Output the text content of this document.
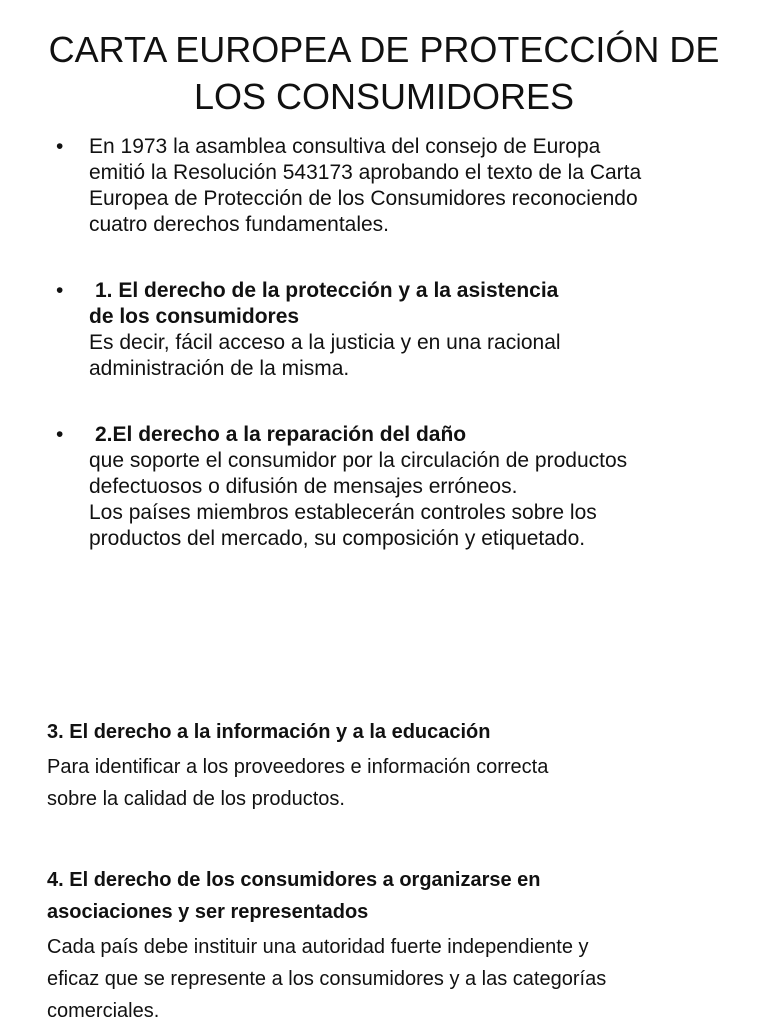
CARTA EUROPEA DE PROTECCIÓN DE
LOS CONSUMIDORES
• En 1973 la asamblea consultiva del consejo de Europa
emitió la Resolución 543173 aprobando el texto de la Carta
Europea de Protección de los Consumidores reconociendo
cuatro derechos fundamentales.
• 1. El derecho de la protección y a la asistencia
de los consumidores
Es decir, fácil acceso a la justicia y en una racional
administración de la misma.
• 2.El derecho a la reparación del daño
que soporte el consumidor por la circulación de productos
defectuosos o difusión de mensajes erróneos.
Los países miembros establecerán controles sobre los
productos del mercado, su composición y etiquetado.

3. El derecho a la información y a la educación

Para identificar a los proveedores e información correcta
sobre la calidad de los productos.

4. El derecho de los consumidores a organizarse en
asociaciones y ser representados

Cada país debe instituir una autoridad fuerte independiente y
eficaz que se represente a los consumidores y a las categorías
comerciales.
